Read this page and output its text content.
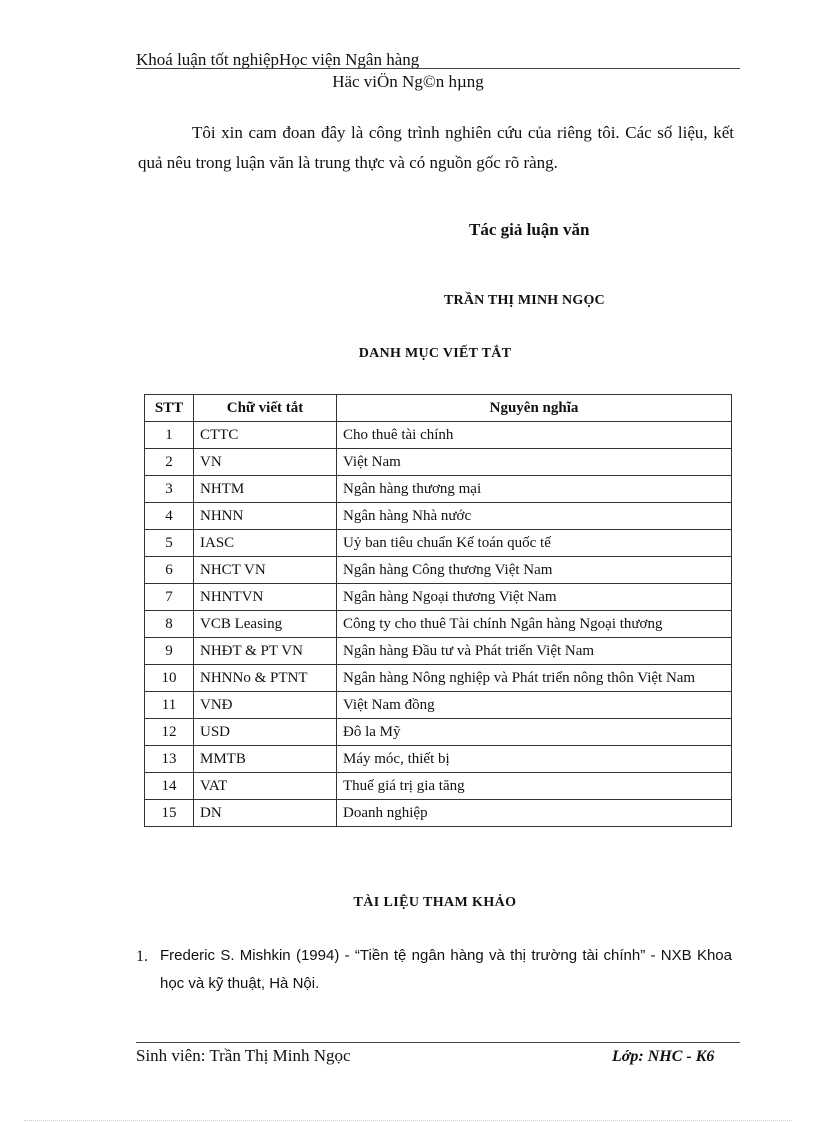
Khoá luận tốt nghiệpHọc viện Ngân hàng
Häc viÖn Ng©n hµng
Tôi xin cam đoan đây là công trình nghiên cứu của riêng tôi. Các số liệu, kết quả nêu trong luận văn là trung thực và có nguồn gốc rõ ràng.
Tác giả luận văn
TRẦN THỊ MINH NGỌC
DANH MỤC VIẾT TẮT
STT	Chữ viết tắt	Nguyên nghĩa
1	CTTC	Cho thuê tài chính
2	VN	Việt Nam
3	NHTM	Ngân hàng thương mại
4	NHNN	Ngân hàng Nhà nước
5	IASC	Uỷ ban tiêu chuẩn Kế toán quốc tế
6	NHCT VN	Ngân hàng Công thương Việt Nam
7	NHNTVN	Ngân hàng Ngoại thương Việt Nam
8	VCB Leasing	Công ty cho thuê Tài chính Ngân hàng Ngoại thương
9	NHĐT & PT VN	Ngân hàng Đầu tư và Phát triển Việt Nam
10	NHNNo & PTNT	Ngân hàng Nông nghiệp và Phát triển nông thôn Việt Nam
11	VNĐ	Việt Nam đồng
12	USD	Đô la Mỹ
13	MMTB	Máy móc, thiết bị
14	VAT	Thuế giá trị gia tăng
15	DN	Doanh nghiệp
TÀI LIỆU THAM KHẢO
1. Frederic S. Mishkin (1994) - “Tiền tệ ngân hàng và thị trường tài chính” - NXB Khoa học và kỹ thuật, Hà Nội.
Sinh viên: Trần Thị Minh Ngọc	Lớp: NHC - K6
